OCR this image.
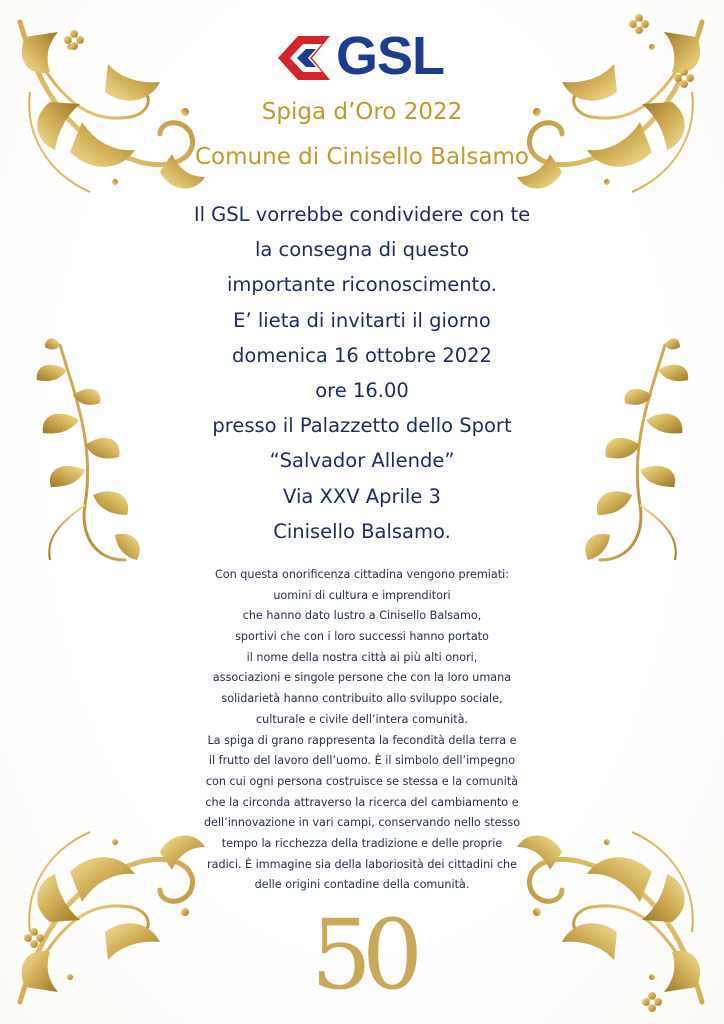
GSL
Spiga d’Oro 2022
Comune di Cinisello Balsamo
Il GSL vorrebbe condividere con te
la consegna di questo
importante riconoscimento.
E’ lieta di invitarti il giorno
domenica 16 ottobre 2022
ore 16.00
presso il Palazzetto dello Sport
“Salvador Allende”
Via XXV Aprile 3
Cinisello Balsamo.
Con questa onorificenza cittadina vengono premiati:
uomini di cultura e imprenditori
che hanno dato lustro a Cinisello Balsamo,
sportivi che con i loro successi hanno portato
il nome della nostra città ai più alti onori,
associazioni e singole persone che con la loro umana
solidarietà hanno contribuito allo sviluppo sociale,
culturale e civile dell’intera comunità.
La spiga di grano rappresenta la fecondità della terra e
il frutto del lavoro dell’uomo. È il simbolo dell’impegno
con cui ogni persona costruisce se stessa e la comunità
che la circonda attraverso la ricerca del cambiamento e
dell’innovazione in vari campi, conservando nello stesso
tempo la ricchezza della tradizione e delle proprie
radici. È immagine sia della laboriosità dei cittadini che
delle origini contadine della comunità.
50
